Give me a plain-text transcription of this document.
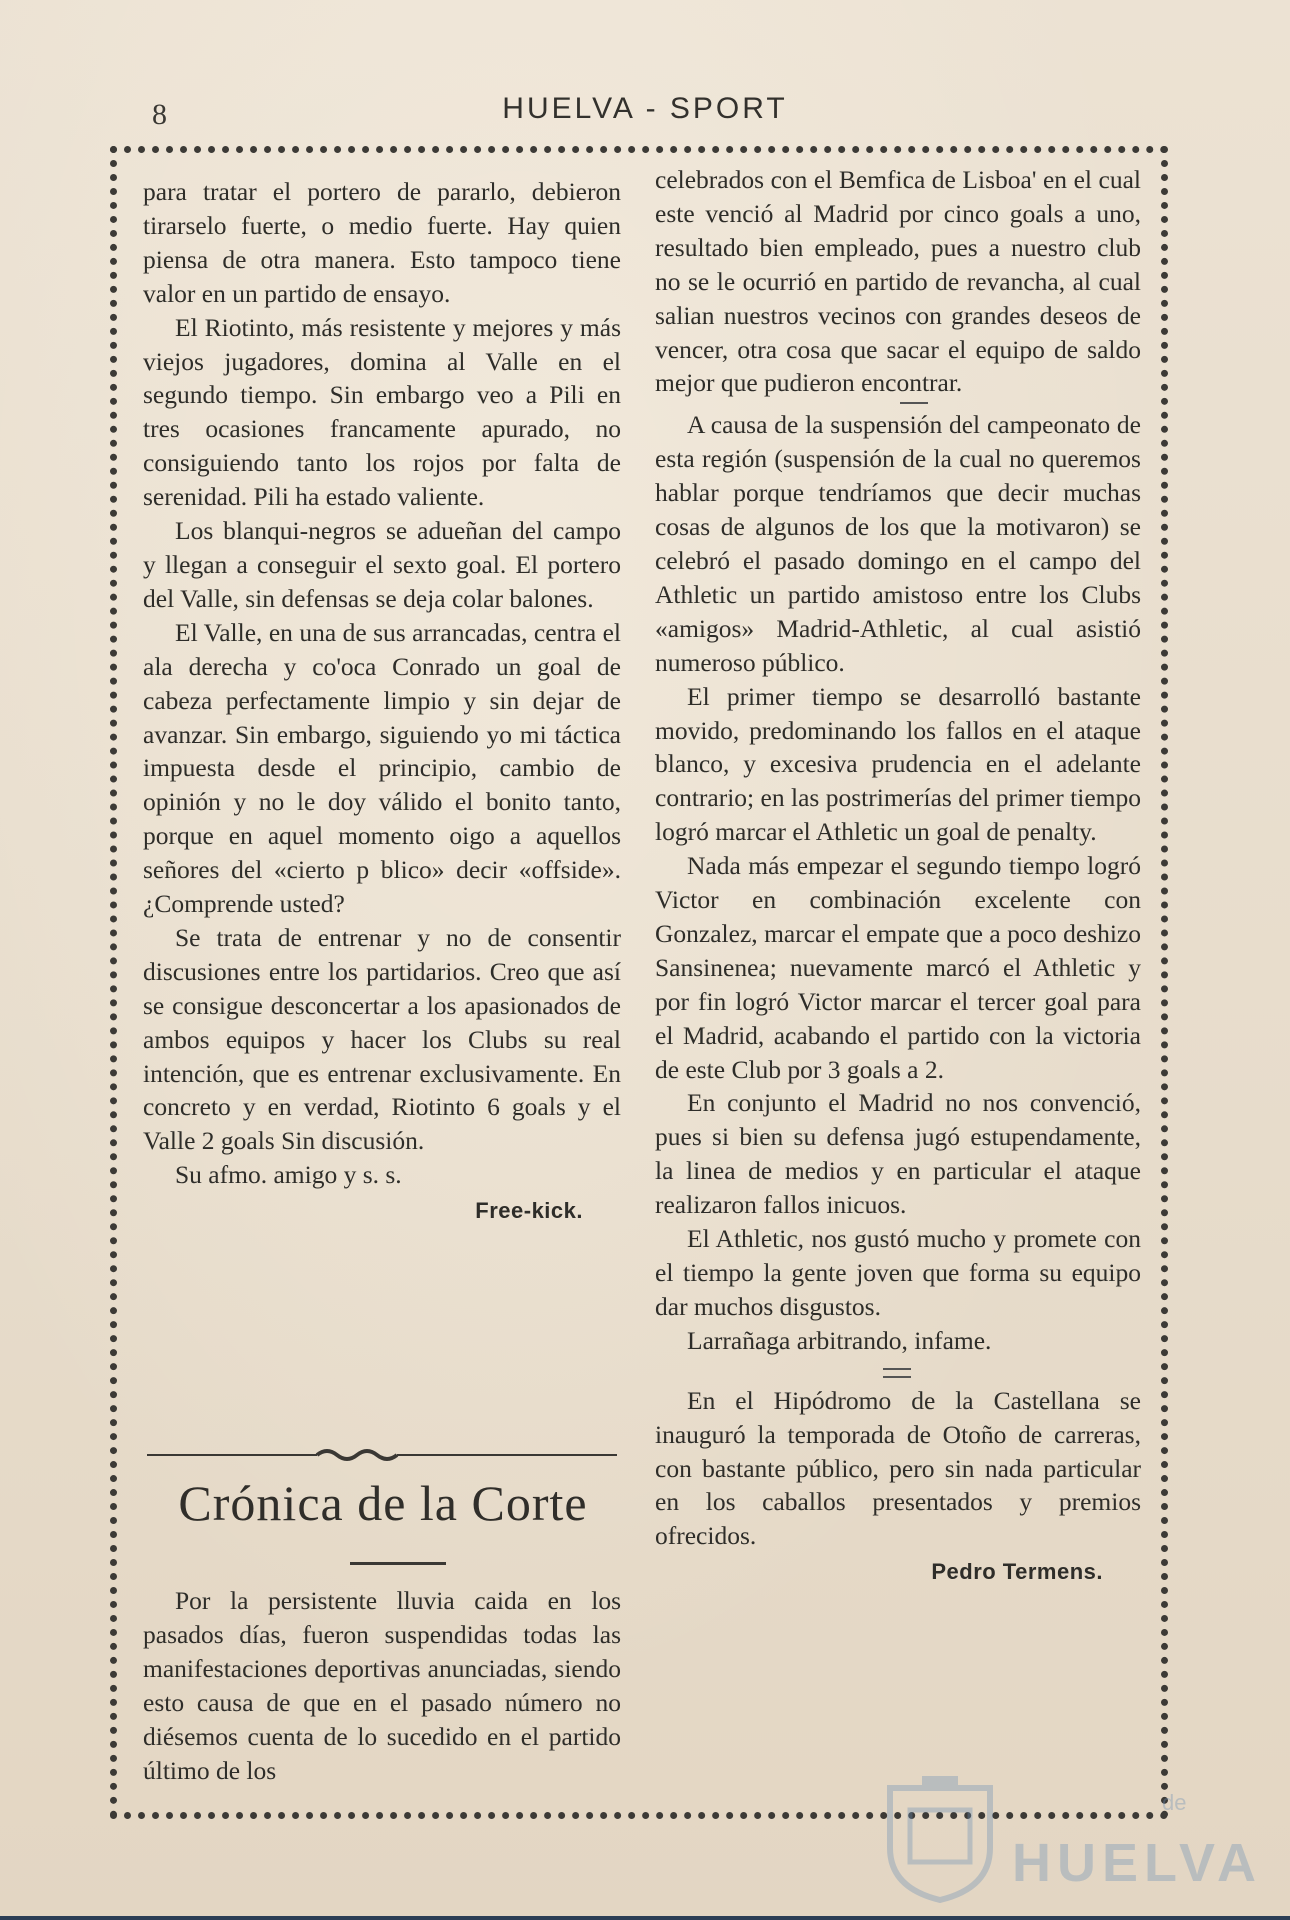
8	HUELVA - SPORT

para tratar el portero de pararlo, debieron tirarselo fuerte, o medio fuerte. Hay quien piensa de otra manera. Esto tampoco tiene valor en un partido de ensayo.

El Riotinto, más resistente y mejores y más viejos jugadores, domina al Valle en el segundo tiempo. Sin embargo veo a Pili en tres ocasiones francamente apurado, no consiguiendo tanto los rojos por falta de serenidad. Pili ha estado valiente.

Los blanqui-negros se adueñan del campo y llegan a conseguir el sexto goal. El portero del Valle, sin defensas se deja colar balones.

El Valle, en una de sus arrancadas, centra el ala derecha y co'oca Conrado un goal de cabeza perfectamente limpio y sin dejar de avanzar. Sin embargo, siguiendo yo mi táctica impuesta desde el principio, cambio de opinión y no le doy válido el bonito tanto, porque en aquel momento oigo a aquellos señores del «cierto p blico» decir «offside». ¿Comprende usted?

Se trata de entrenar y no de consentir discusiones entre los partidarios. Creo que así se consigue desconcertar a los apasionados de ambos equipos y hacer los Clubs su real intención, que es entrenar exclusivamente. En concreto y en verdad, Riotinto 6 goals y el Valle 2 goals Sin discusión.

Su afmo. amigo y s. s.

Free-kick.
Crónica de la Corte

Por la persistente lluvia caida en los pasados días, fueron suspendidas todas las manifestaciones deportivas anunciadas, siendo esto causa de que en el pasado número no diésemos cuenta de lo sucedido en el partido último de los

celebrados con el Bemfica de Lisboa' en el cual este venció al Madrid por cinco goals a uno, resultado bien empleado, pues a nuestro club no se le ocurrió en partido de revancha, al cual salian nuestros vecinos con grandes deseos de vencer, otra cosa que sacar el equipo de saldo mejor que pudieron encontrar.

A causa de la suspensión del campeonato de esta región (suspensión de la cual no queremos hablar porque tendríamos que decir muchas cosas de algunos de los que la motivaron) se celebró el pasado domingo en el campo del Athletic un partido amistoso entre los Clubs «amigos» Madrid-Athletic, al cual asistió numeroso público.

El primer tiempo se desarrolló bastante movido, predominando los fallos en el ataque blanco, y excesiva prudencia en el adelante contrario; en las postrimerías del primer tiempo logró marcar el Athletic un goal de penalty.

Nada más empezar el segundo tiempo logró Victor en combinación excelente con Gonzalez, marcar el empate que a poco deshizo Sansinenea; nuevamente marcó el Athletic y por fin logró Victor marcar el tercer goal para el Madrid, acabando el partido con la victoria de este Club por 3 goals a 2.

En conjunto el Madrid no nos convenció, pues si bien su defensa jugó estupendamente, la linea de medios y en particular el ataque realizaron fallos inicuos.

El Athletic, nos gustó mucho y promete con el tiempo la gente joven que forma su equipo dar muchos disgustos.

Larrañaga arbitrando, infame.

En el Hipódromo de la Castellana se inauguró la temporada de Otoño de carreras, con bastante público, pero sin nada particular en los caballos presentados y premios ofrecidos.

Pedro Termens.
de
HUELVA
